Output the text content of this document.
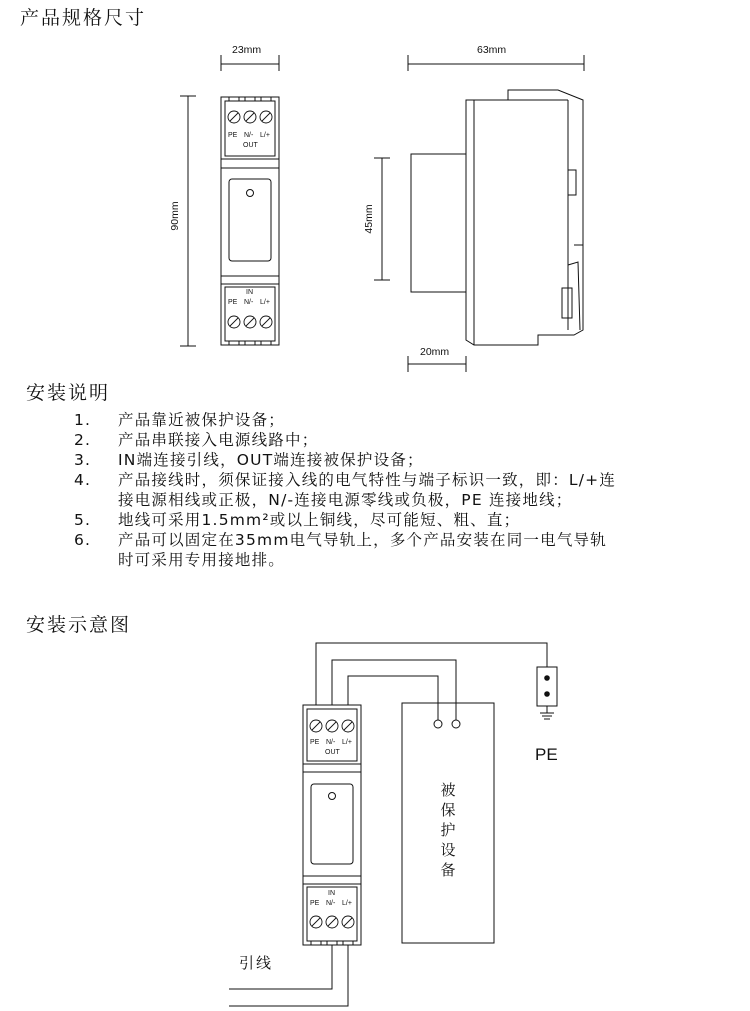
产品规格尺寸
23mm
90mm
63mm
45mm
20mm
PE N/- L/+
OUT
IN
PE N/- L/+
安装说明
1. 产品靠近被保护设备；
2. 产品串联接入电源线路中；
3. IN端连接引线，OUT端连接被保护设备；
4. 产品接线时，须保证接入线的电气特性与端子标识一致，即：L/+连
接电源相线或正极，N/-连接电源零线或负极，PE 连接地线；
5. 地线可采用1.5mm²或以上铜线，尽可能短、粗、直；
6. 产品可以固定在35mm电气导轨上，多个产品安装在同一电气导轨
时可采用专用接地排。
安装示意图
PE N/- L/+
OUT
IN
PE N/- L/+
被
保
护
设
备
PE
引线
